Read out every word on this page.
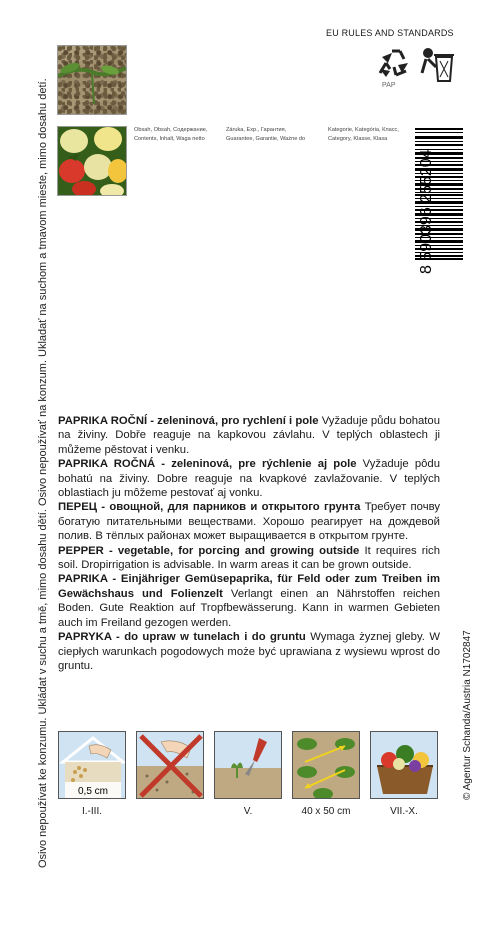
Osivo nepoužívat ke konzumu. Ukládat v suchu a tmě, mimo dosahu dětí. Osivo nepoužívať na konzum. Ukladať na suchom a tmavom mieste, mimo dosahu detí.
EU RULES AND STANDARDS
PAP
Obsah, Obsah, Содержание,
Contents, Inhalt, Waga netto
Záruka, Exp., Гарантия,
Guarantee, Garantie, Ważne do
Kategorie, Kategória, Класс,
Category, Klasse, Klasa
8 590396 255204
© Agentur Schanda/Austria N1702847

PAPRIKA ROČNÍ - zeleninová, pro rychlení i pole Vyžaduje půdu bohatou na živiny. Dobře reaguje na kapkovou závlahu. V teplých oblastech ji můžeme pěstovat i venku.

PAPRIKA ROČNÁ - zeleninová, pre rýchlenie aj pole Vyžaduje pôdu bohatú na živiny. Dobre reaguje na kvapkové zavlažovanie. V teplých oblastiach ju môžeme pestovať aj vonku.

ПЕРЕЦ - овощной, для парников и открытого грунта Требует почву богатую питательными веществами. Хорошо реагирует на дождевой полив. В тёплых районах может выращивается в открытом грунте.

PEPPER - vegetable, for porcing and growing outside It requires rich soil. Dropirrigation is advisable. In warm areas it can be grown outside.

PAPRIKA - Einjähriger Gemüsepaprika, für Feld oder zum Treiben im Gewächshaus und Folienzelt Verlangt einen an Nährstoffen reichen Boden. Gute Reaktion auf Tropfbewässerung. Kann in warmen Gebieten auch im Freiland gezogen werden.

PAPRYKA - do upraw w tunelach i do gruntu Wymaga żyznej gleby. W ciepłych warunkach pogodowych może być uprawiana z wysiewu wprost do gruntu.

0,5 cm
I.-III.	V.	40 x 50 cm	VII.-X.
